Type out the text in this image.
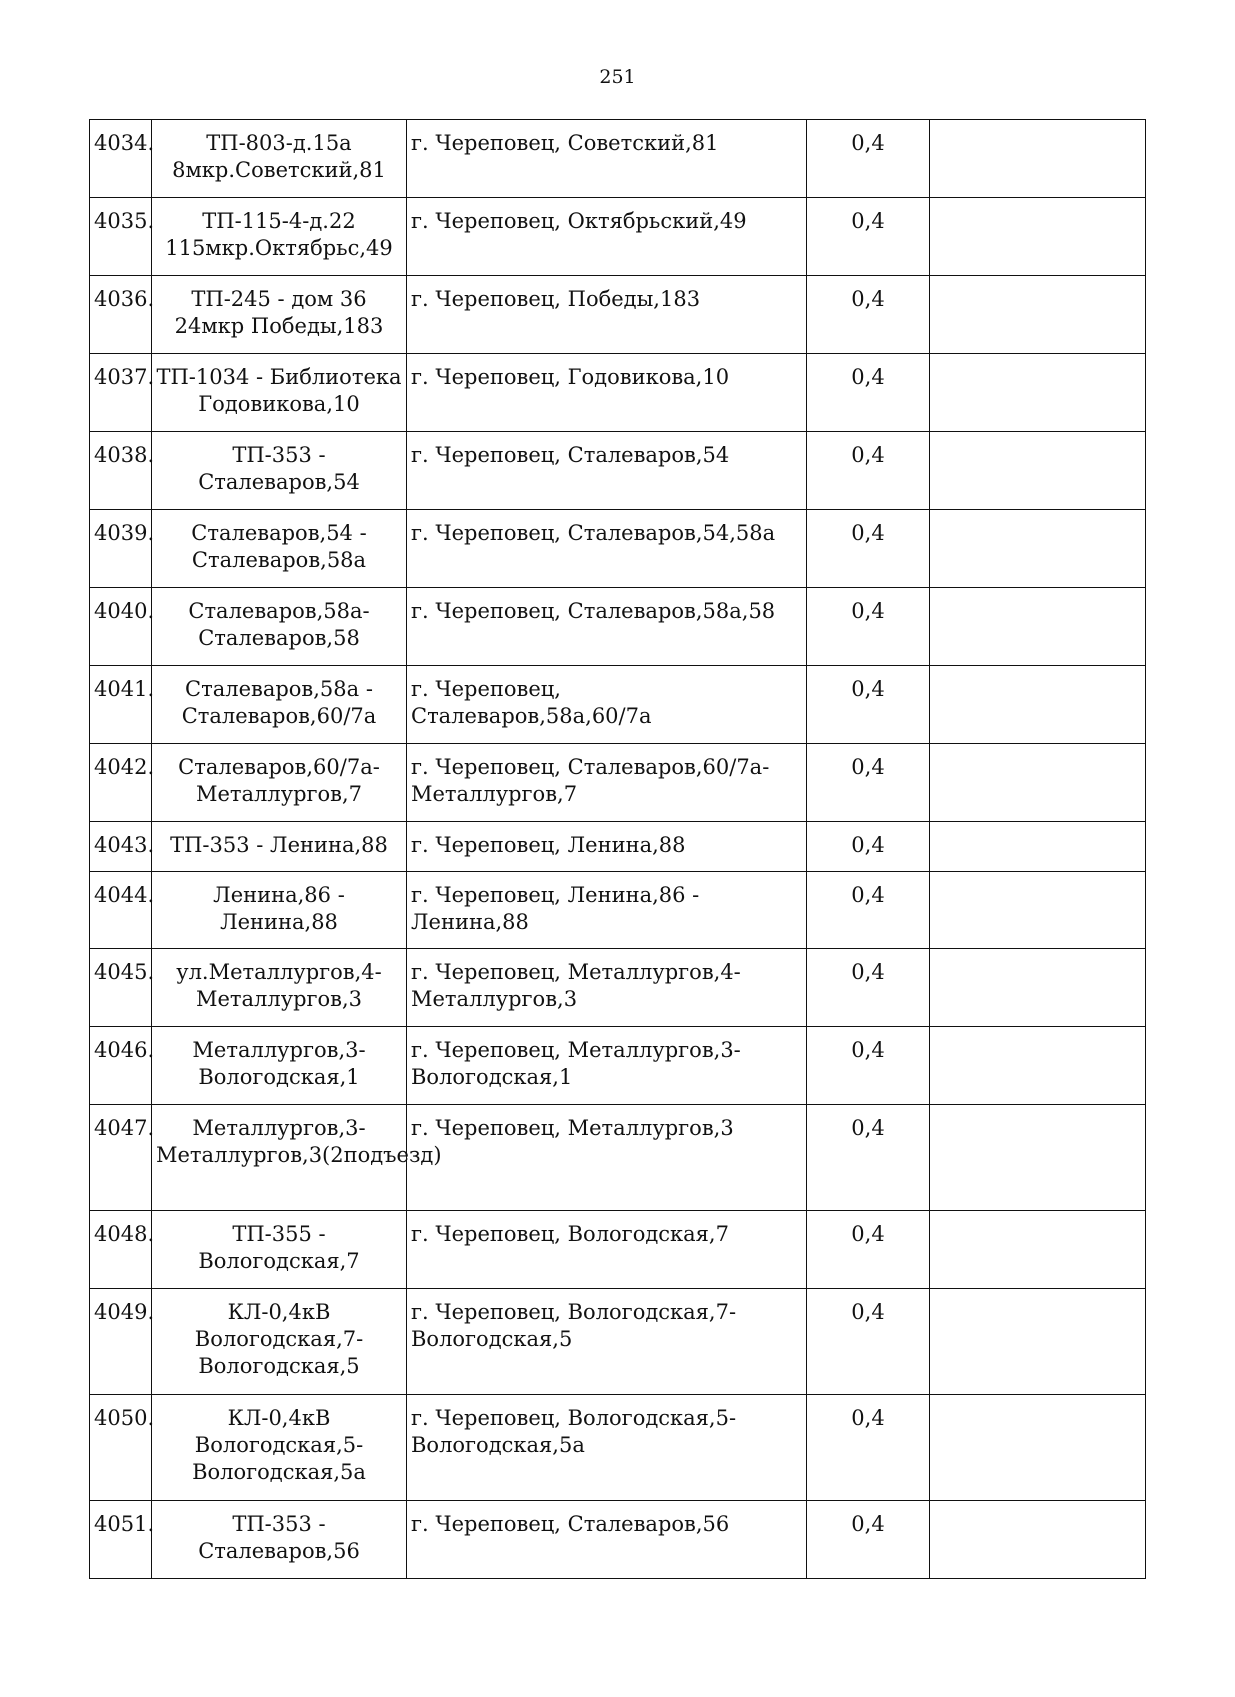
251
4034.	ТП-803-д.15а 8мкр.Советский,81	г. Череповец, Советский,81	0,4	
4035.	ТП-115-4-д.22 115мкр.Октябрьс,49	г. Череповец, Октябрьский,49	0,4	
4036.	ТП-245 - дом 36 24мкр Победы,183	г. Череповец, Победы,183	0,4	
4037.	ТП-1034 - Библиотека Годовикова,10	г. Череповец, Годовикова,10	0,4	
4038.	ТП-353 - Сталеваров,54	г. Череповец, Сталеваров,54	0,4	
4039.	Сталеваров,54 - Сталеваров,58а	г. Череповец, Сталеваров,54,58а	0,4	
4040.	Сталеваров,58а-Сталеваров,58	г. Череповец, Сталеваров,58а,58	0,4	
4041.	Сталеваров,58а - Сталеваров,60/7а	г. Череповец, Сталеваров,58а,60/7а	0,4	
4042.	Сталеваров,60/7а-Металлургов,7	г. Череповец, Сталеваров,60/7а-Металлургов,7	0,4	
4043.	ТП-353 - Ленина,88	г. Череповец, Ленина,88	0,4	
4044.	Ленина,86 - Ленина,88	г. Череповец, Ленина,86 - Ленина,88	0,4	
4045.	ул.Металлургов,4-Металлургов,3	г. Череповец, Металлургов,4-Металлургов,3	0,4	
4046.	Металлургов,3-Вологодская,1	г. Череповец, Металлургов,3-Вологодская,1	0,4	
4047.	Металлургов,3-Металлургов,3(2подъезд)	г. Череповец, Металлургов,3	0,4	
4048.	ТП-355 - Вологодская,7	г. Череповец, Вологодская,7	0,4	
4049.	КЛ-0,4кВ Вологодская,7-Вологодская,5	г. Череповец, Вологодская,7-Вологодская,5	0,4	
4050.	КЛ-0,4кВ Вологодская,5-Вологодская,5а	г. Череповец, Вологодская,5-Вологодская,5а	0,4	
4051.	ТП-353 - Сталеваров,56	г. Череповец, Сталеваров,56	0,4	
